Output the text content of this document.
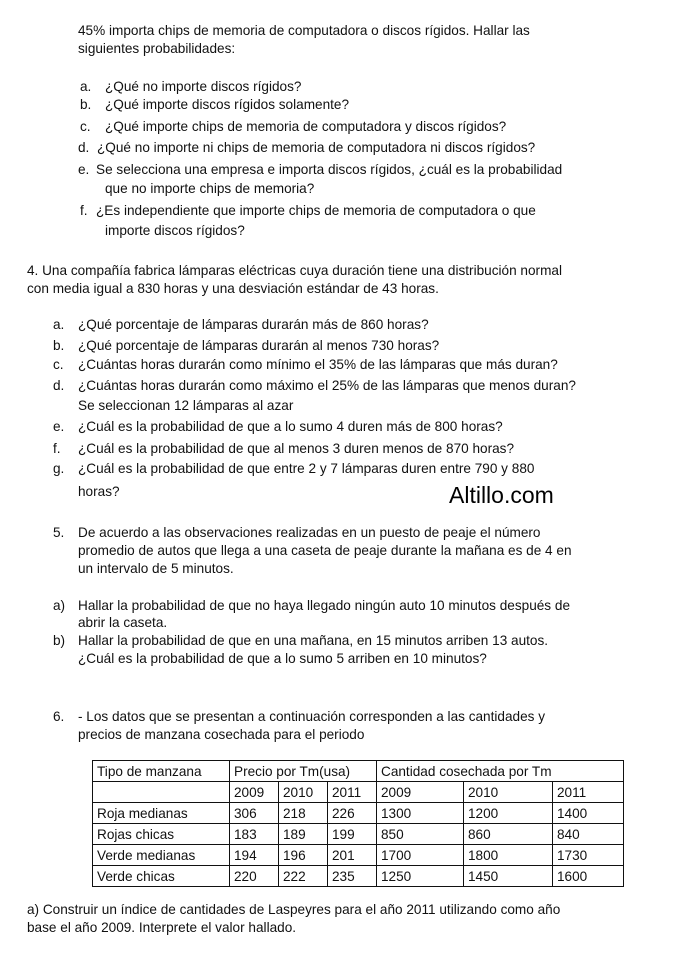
45% importa chips de memoria de computadora o discos rígidos. Hallar las
siguientes probabilidades:
a. ¿Qué no importe discos rígidos?
b. ¿Qué importe discos rígidos solamente?
c. ¿Qué importe chips de memoria de computadora y discos rígidos?
d. ¿Qué no importe ni chips de memoria de computadora ni discos rígidos?
e. Se selecciona una empresa e importa discos rígidos, ¿cuál es la probabilidad
que no importe chips de memoria?
f. ¿Es independiente que importe chips de memoria de computadora o que
importe discos rígidos?
4. Una compañía fabrica lámparas eléctricas cuya duración tiene una distribución normal
con media igual a 830 horas y una desviación estándar de 43 horas.
a. ¿Qué porcentaje de lámparas durarán más de 860 horas?
b. ¿Qué porcentaje de lámparas durarán al menos 730 horas?
c. ¿Cuántas horas durarán como mínimo el 35% de las lámparas que más duran?
d. ¿Cuántas horas durarán como máximo el 25% de las lámparas que menos duran?
Se seleccionan 12 lámparas al azar
e. ¿Cuál es la probabilidad de que a lo sumo 4 duren más de 800 horas?
f. ¿Cuál es la probabilidad de que al menos 3 duren menos de 870 horas?
g. ¿Cuál es la probabilidad de que entre 2 y 7 lámparas duren entre 790 y 880
horas?	Altillo.com
5. De acuerdo a las observaciones realizadas en un puesto de peaje el número
promedio de autos que llega a una caseta de peaje durante la mañana es de 4 en
un intervalo de 5 minutos.
a) Hallar la probabilidad de que no haya llegado ningún auto 10 minutos después de
abrir la caseta.
b) Hallar la probabilidad de que en una mañana, en 15 minutos arriben 13 autos.
¿Cuál es la probabilidad de que a lo sumo 5 arriben en 10 minutos?
6. - Los datos que se presentan a continuación corresponden a las cantidades y
precios de manzana cosechada para el periodo
Tipo de manzana	Precio por Tm(usa)			Cantidad cosechada por Tm		
	2009	2010	2011	2009	2010	2011
Roja medianas	306	218	226	1300	1200	1400
Rojas chicas	183	189	199	850	860	840
Verde medianas	194	196	201	1700	1800	1730
Verde chicas	220	222	235	1250	1450	1600
a) Construir un índice de cantidades de Laspeyres para el año 2011 utilizando como año
base el año 2009. Interprete el valor hallado.
